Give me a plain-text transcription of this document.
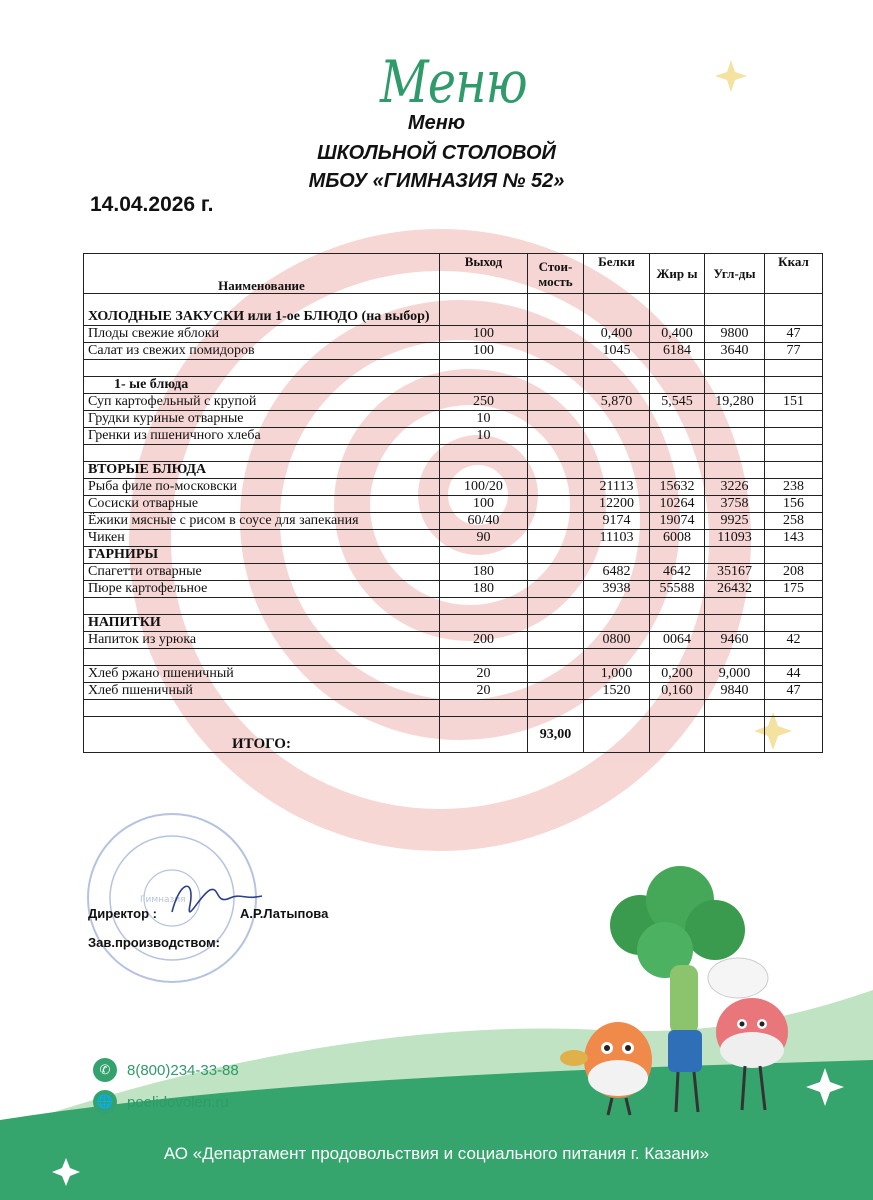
Гимназия
Меню
Меню
ШКОЛЬНОЙ СТОЛОВОЙ
МБОУ «ГИМНАЗИЯ № 52»
14.04.2026 г.
Наименование	Выход	Стои-мость	Белки	Жир ы	Угл-ды	Ккал
ХОЛОДНЫЕ ЗАКУСКИ или 1-ое БЛЮДО (на выбор)						
Плоды свежие яблоки	100		0,400	0,400	9800	47
Салат из свежих помидоров	100		1045	6184	3640	77

1- ые блюда						
Суп картофельный с крупой	250		5,870	5,545	19,280	151
Грудки куриные отварные	10					
Гренки из пшеничного хлеба	10					

ВТОРЫЕ БЛЮДА						
Рыба филе по-московски	100/20		21113	15632	3226	238
Сосиски отварные	100		12200	10264	3758	156
Ёжики мясные с рисом в соусе для запекания	60/40		9174	19074	9925	258
Чикен	90		11103	6008	11093	143
ГАРНИРЫ						
Спагетти отварные	180		6482	4642	35167	208
Пюре картофельное	180		3938	55588	26432	175

НАПИТКИ						
Напиток из урюка	200		0800	0064	9460	42

Хлеб ржано пшеничный	20		1,000	0,200	9,000	44
Хлеб пшеничный	20		1520	0,160	9840	47

ИТОГО:		93,00				
Директор :	А.Р.Латыпова
Зав.производством:
✆	8(800)234-33-88
🌐 poelidovolen.ru
АО «Департамент продовольствия и социального питания г. Казани»
